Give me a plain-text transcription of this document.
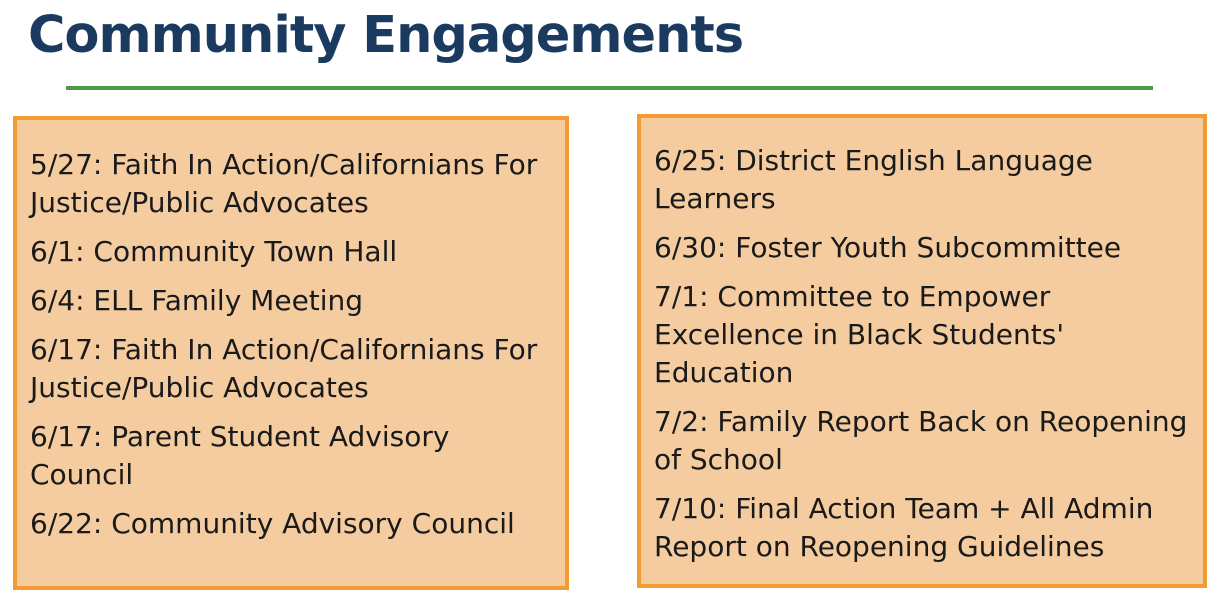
Community Engagements
5/27: Faith In Action/Californians For
Justice/Public Advocates
6/1: Community Town Hall
6/4: ELL Family Meeting
6/17: Faith In Action/Californians For
Justice/Public Advocates
6/17: Parent Student Advisory
Council
6/22: Community Advisory Council
6/25: District English Language
Learners
6/30: Foster Youth Subcommittee
7/1: Committee to Empower
Excellence in Black Students'
Education
7/2: Family Report Back on Reopening
of School
7/10: Final Action Team + All Admin
Report on Reopening Guidelines
